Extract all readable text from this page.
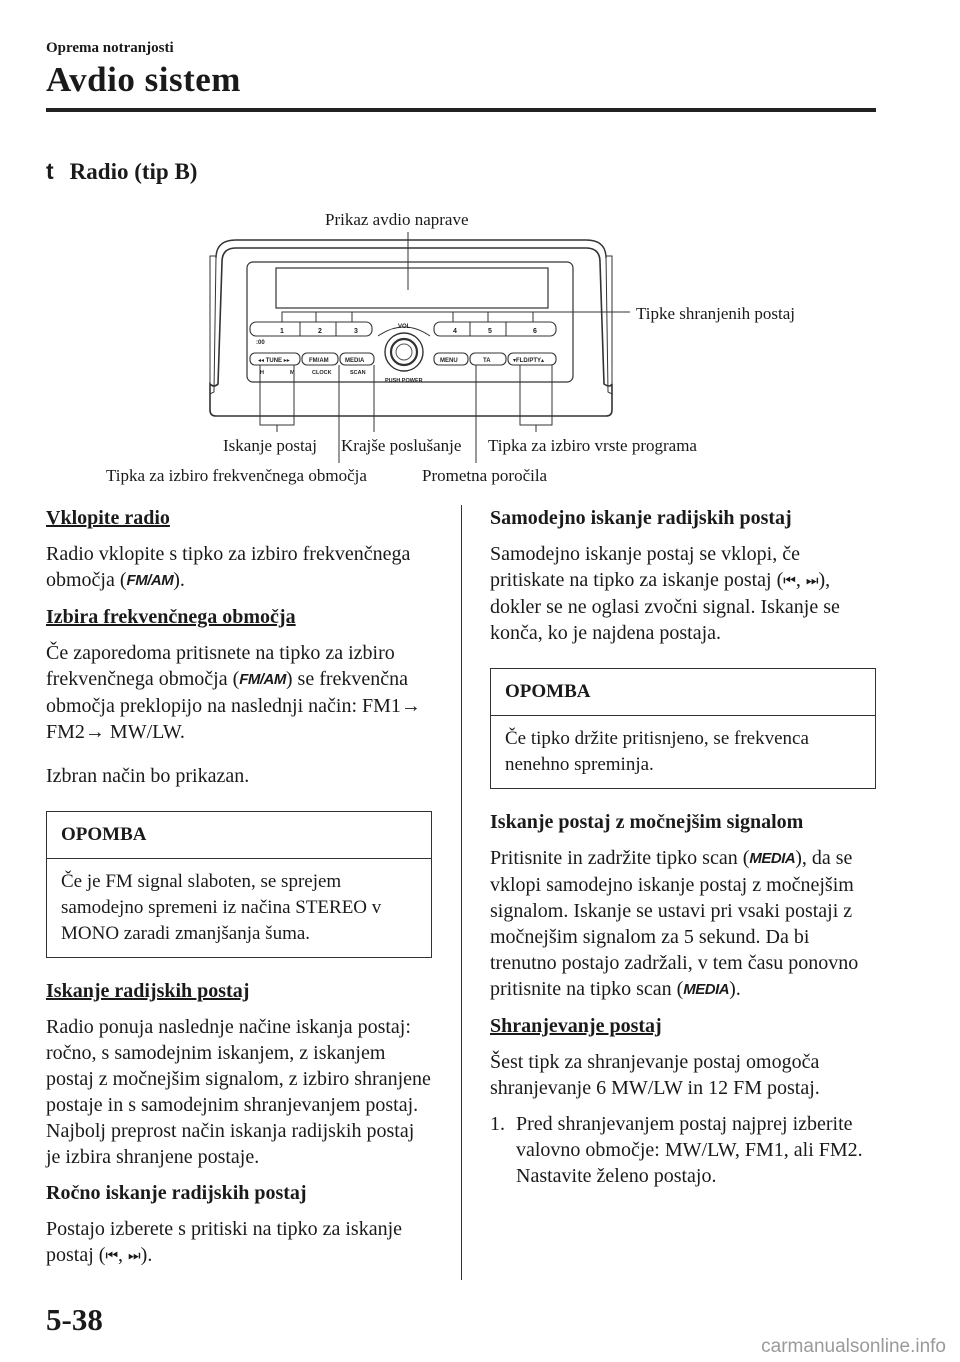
Oprema notranjosti
Avdio sistem
t Radio (tip B)
1	2	3	4	5	6
:00
VOL
PUSH POWER
◂◂ TUNE ▸▸	FM/AM	MEDIA	MENU	TA	▾FLD/PTY▴
H	M	CLOCK	SCAN
Prikaz avdio naprave
Tipke shranjenih postaj
Iskanje postaj Krajše poslušanje Tipka za izbiro vrste programa
Tipka za izbiro frekvenčnega območja	Prometna poročila
Vklopite radio

Radio vklopite s tipko za izbiro frekvenčnega območja (FM/AM).

Izbira frekvenčnega območja

Če zaporedoma pritisnete na tipko za izbiro frekvenčnega območja (FM/AM) se frekvenčna območja preklopijo na naslednji način: FM1→ FM2→ MW/LW.

Izbran način bo prikazan.

OPOMBA
Če je FM signal slaboten, se sprejem samodejno spremeni iz načina STEREO v MONO zaradi zmanjšanja šuma.
Iskanje radijskih postaj

Radio ponuja naslednje načine iskanja postaj: ročno, s samodejnim iskanjem, z iskanjem postaj z močnejšim signalom, z izbiro shranjene postaje in s samodejnim shranjevanjem postaj. Najbolj preprost način iskanja radijskih postaj je izbira shranjene postaje.

Ročno iskanje radijskih postaj

Postajo izberete s pritiski na tipko za iskanje postaj (⏮, ⏭).

Samodejno iskanje radijskih postaj

Samodejno iskanje postaj se vklopi, če pritiskate na tipko za iskanje postaj (⏮, ⏭), dokler se ne oglasi zvočni signal. Iskanje se konča, ko je najdena postaja.

OPOMBA
Če tipko držite pritisnjeno, se frekvenca nenehno spreminja.
Iskanje postaj z močnejšim signalom

Pritisnite in zadržite tipko scan (MEDIA), da se vklopi samodejno iskanje postaj z močnejšim signalom. Iskanje se ustavi pri vsaki postaji z močnejšim signalom za 5 sekund. Da bi trenutno postajo zadržali, v tem času ponovno pritisnite na tipko scan (MEDIA).

Shranjevanje postaj

Šest tipk za shranjevanje postaj omogoča shranjevanje 6 MW/LW in 12 FM postaj.

1. Pred shranjevanjem postaj najprej izberite valovno območje: MW/LW, FM1, ali FM2. Nastavite želeno postajo.
5-38
carmanualsonline.info
